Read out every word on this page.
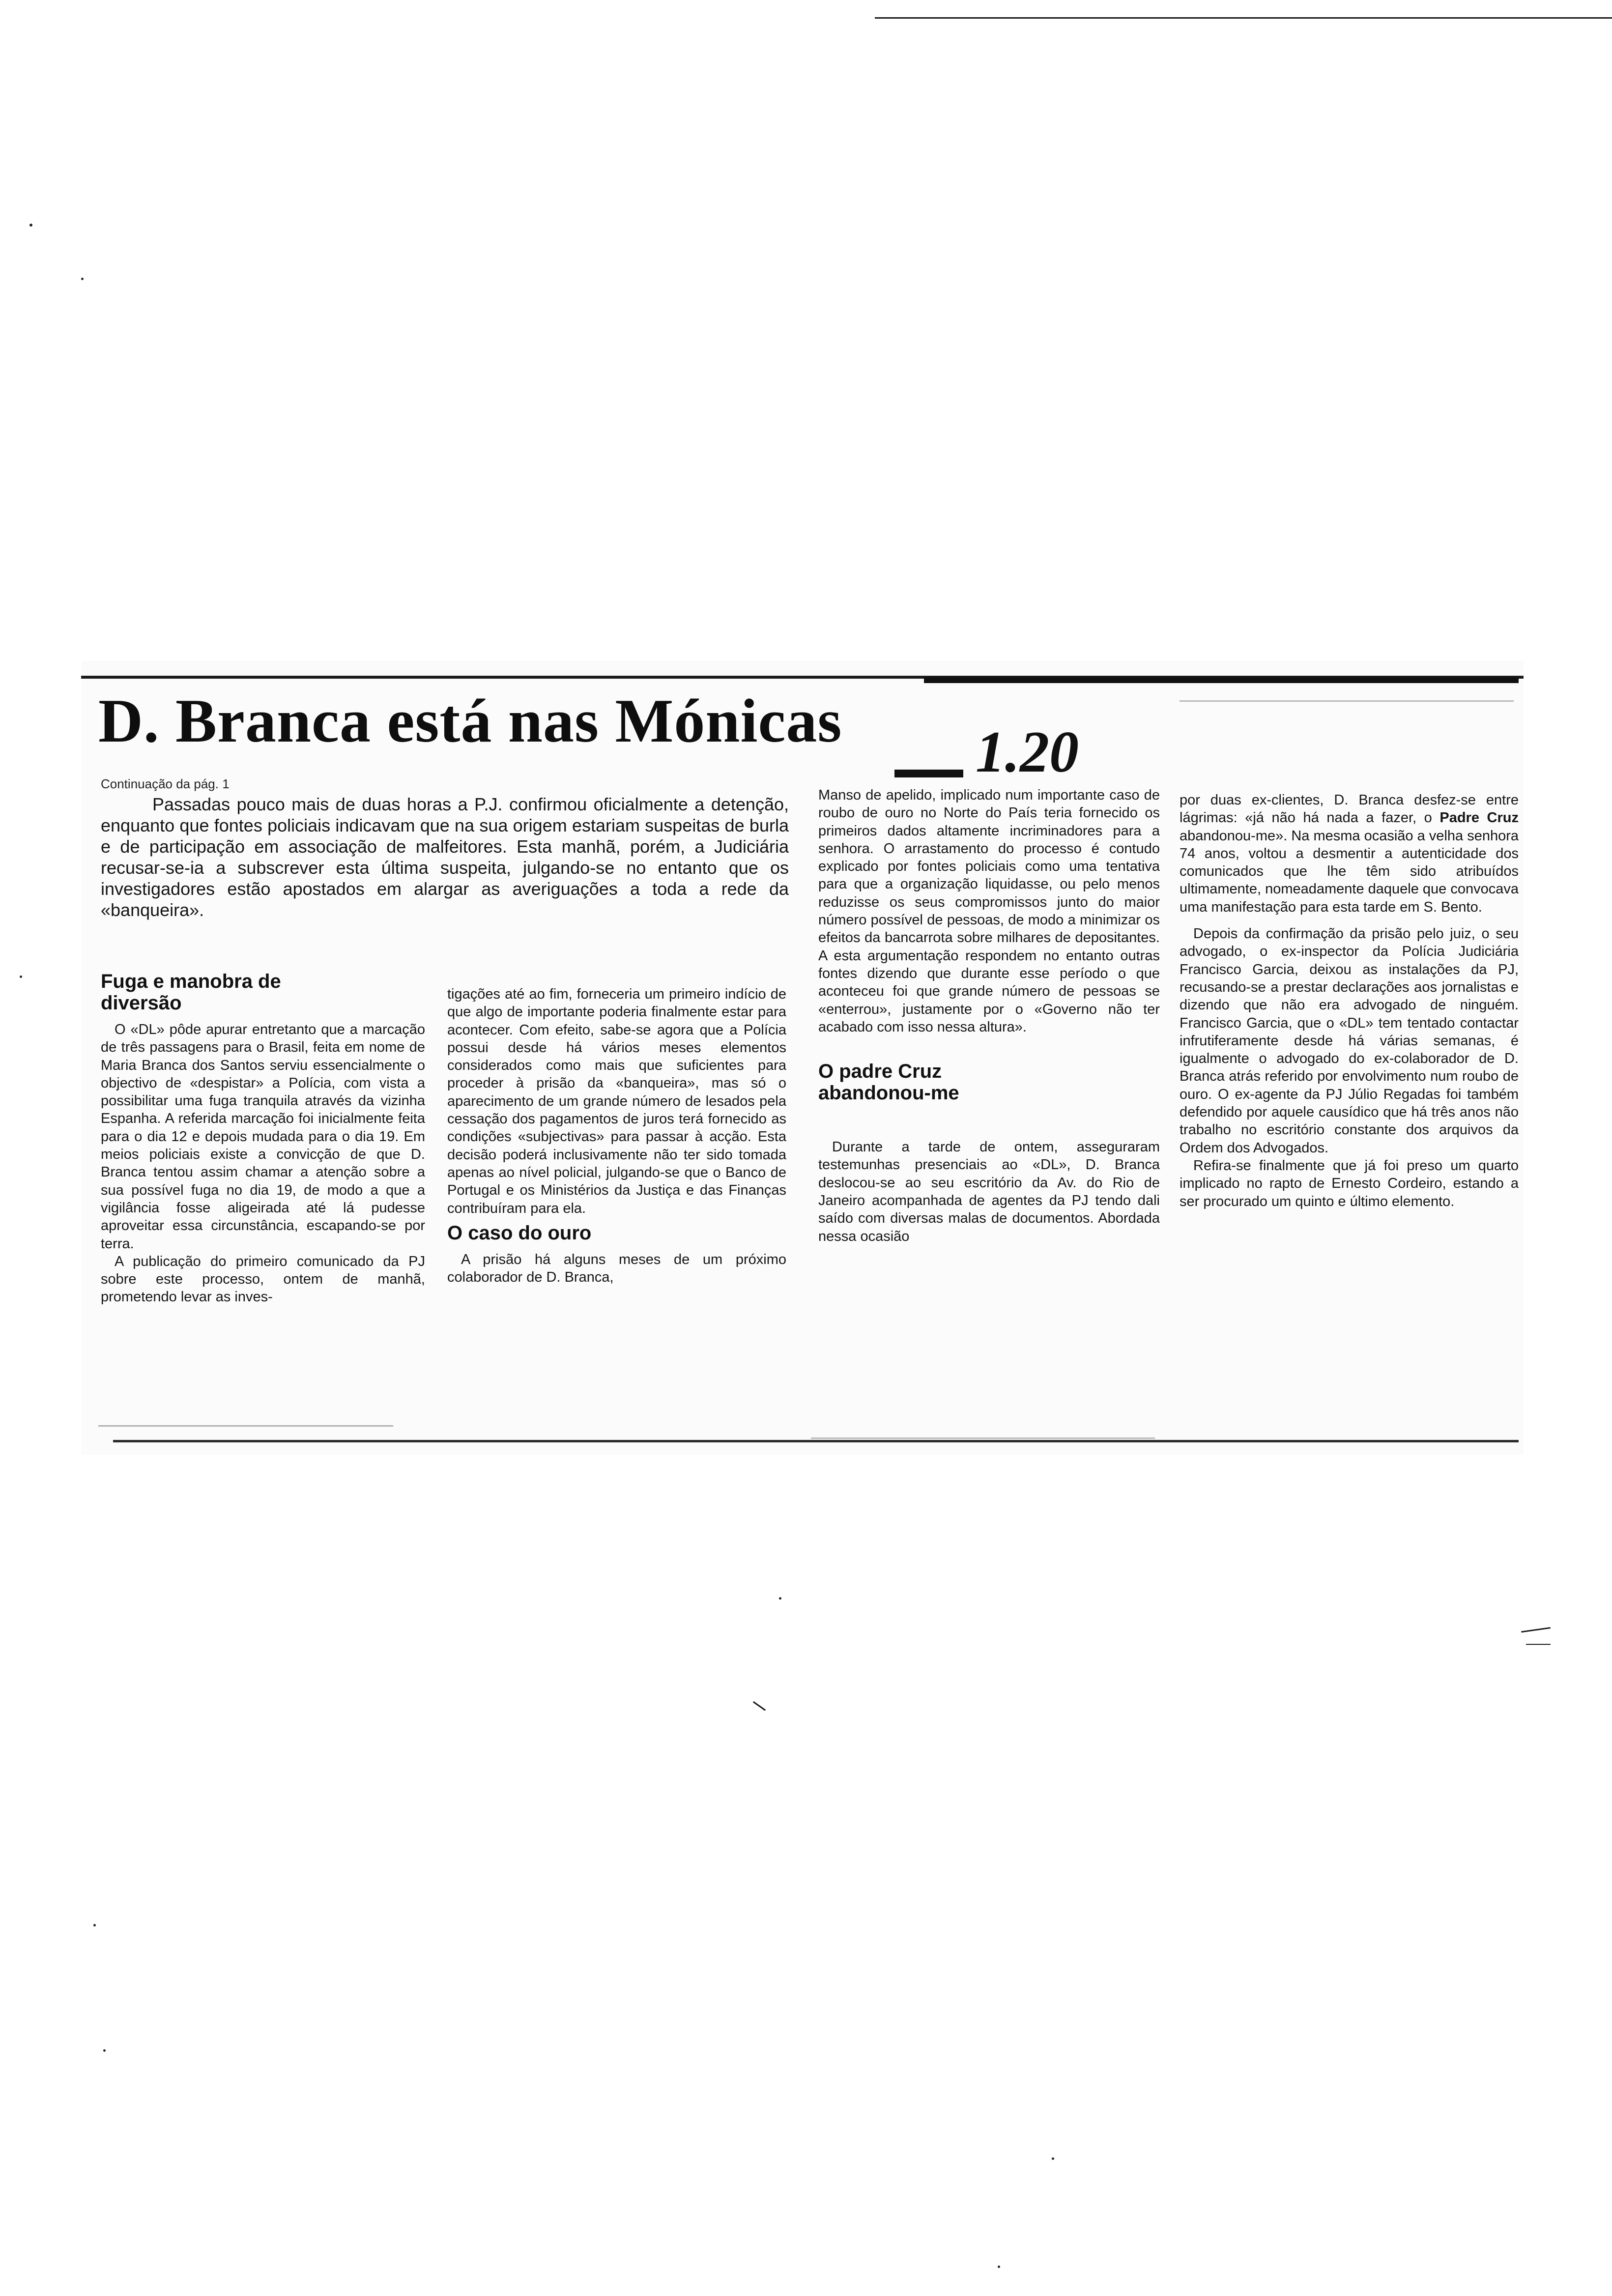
D. Branca está nas Mónicas 1.20
Continuação da pág. 1

Passadas pouco mais de duas horas a P.J. confirmou oficialmente a detenção, enquanto que fontes policiais indicavam que na sua origem estariam suspeitas de burla e de participação em associação de malfeitores. Esta manhã, porém, a Judiciária recusar-se-ia a subscrever esta última suspeita, julgando-se no entanto que os investigadores estão apostados em alargar as averiguações a toda a rede da «banqueira».

Fuga e manobra de diversão

O «DL» pôde apurar entretanto que a marcação de três passagens para o Brasil, feita em nome de Maria Branca dos Santos serviu essencialmente o objectivo de «despistar» a Polícia, com vista a possibilitar uma fuga tranquila através da vizinha Espanha. A referida marcação foi inicialmente feita para o dia 12 e depois mudada para o dia 19. Em meios policiais existe a convicção de que D. Branca tentou assim chamar a atenção sobre a sua possível fuga no dia 19, de modo a que a vigilância fosse aligeirada até lá pudesse aproveitar essa circunstância, escapando-se por terra.

A publicação do primeiro comunicado da PJ sobre este processo, ontem de manhã, prometendo levar as inves-

tigações até ao fim, forneceria um primeiro indício de que algo de importante poderia finalmente estar para acontecer. Com efeito, sabe-se agora que a Polícia possui desde há vários meses elementos considerados como mais que suficientes para proceder à prisão da «banqueira», mas só o aparecimento de um grande número de lesados pela cessação dos pagamentos de juros terá fornecido as condições «subjectivas» para passar à acção. Esta decisão poderá inclusivamente não ter sido tomada apenas ao nível policial, julgando-se que o Banco de Portugal e os Ministérios da Justiça e das Finanças contribuíram para ela.

O caso do ouro

A prisão há alguns meses de um próximo colaborador de D. Branca,

Manso de apelido, implicado num importante caso de roubo de ouro no Norte do País teria fornecido os primeiros dados altamente incriminadores para a senhora. O arrastamento do processo é contudo explicado por fontes policiais como uma tentativa para que a organização liquidasse, ou pelo menos reduzisse os seus compromissos junto do maior número possível de pessoas, de modo a minimizar os efeitos da bancarrota sobre milhares de depositantes. A esta argumentação respondem no entanto outras fontes dizendo que durante esse período o que aconteceu foi que grande número de pessoas se «enterrou», justamente por o «Governo não ter acabado com isso nessa altura».

O padre Cruz abandonou-me

Durante a tarde de ontem, asseguraram testemunhas presenciais ao «DL», D. Branca deslocou-se ao seu escritório da Av. do Rio de Janeiro acompanhada de agentes da PJ tendo dali saído com diversas malas de documentos. Abordada nessa ocasião

por duas ex-clientes, D. Branca desfez-se entre lágrimas: «já não há nada a fazer, o Padre Cruz abandonou-me». Na mesma ocasião a velha senhora 74 anos, voltou a desmentir a autenticidade dos comunicados que lhe têm sido atribuídos ultimamente, nomeadamente daquele que convocava uma manifestação para esta tarde em S. Bento.

Depois da confirmação da prisão pelo juiz, o seu advogado, o ex-inspector da Polícia Judiciária Francisco Garcia, deixou as instalações da PJ, recusando-se a prestar declarações aos jornalistas e dizendo que não era advogado de ninguém. Francisco Garcia, que o «DL» tem tentado contactar infrutiferamente desde há várias semanas, é igualmente o advogado do ex-colaborador de D. Branca atrás referido por envolvimento num roubo de ouro. O ex-agente da PJ Júlio Regadas foi também defendido por aquele causídico que há três anos não trabalho no escritório constante dos arquivos da Ordem dos Advogados.

Refira-se finalmente que já foi preso um quarto implicado no rapto de Ernesto Cordeiro, estando a ser procurado um quinto e último elemento.
